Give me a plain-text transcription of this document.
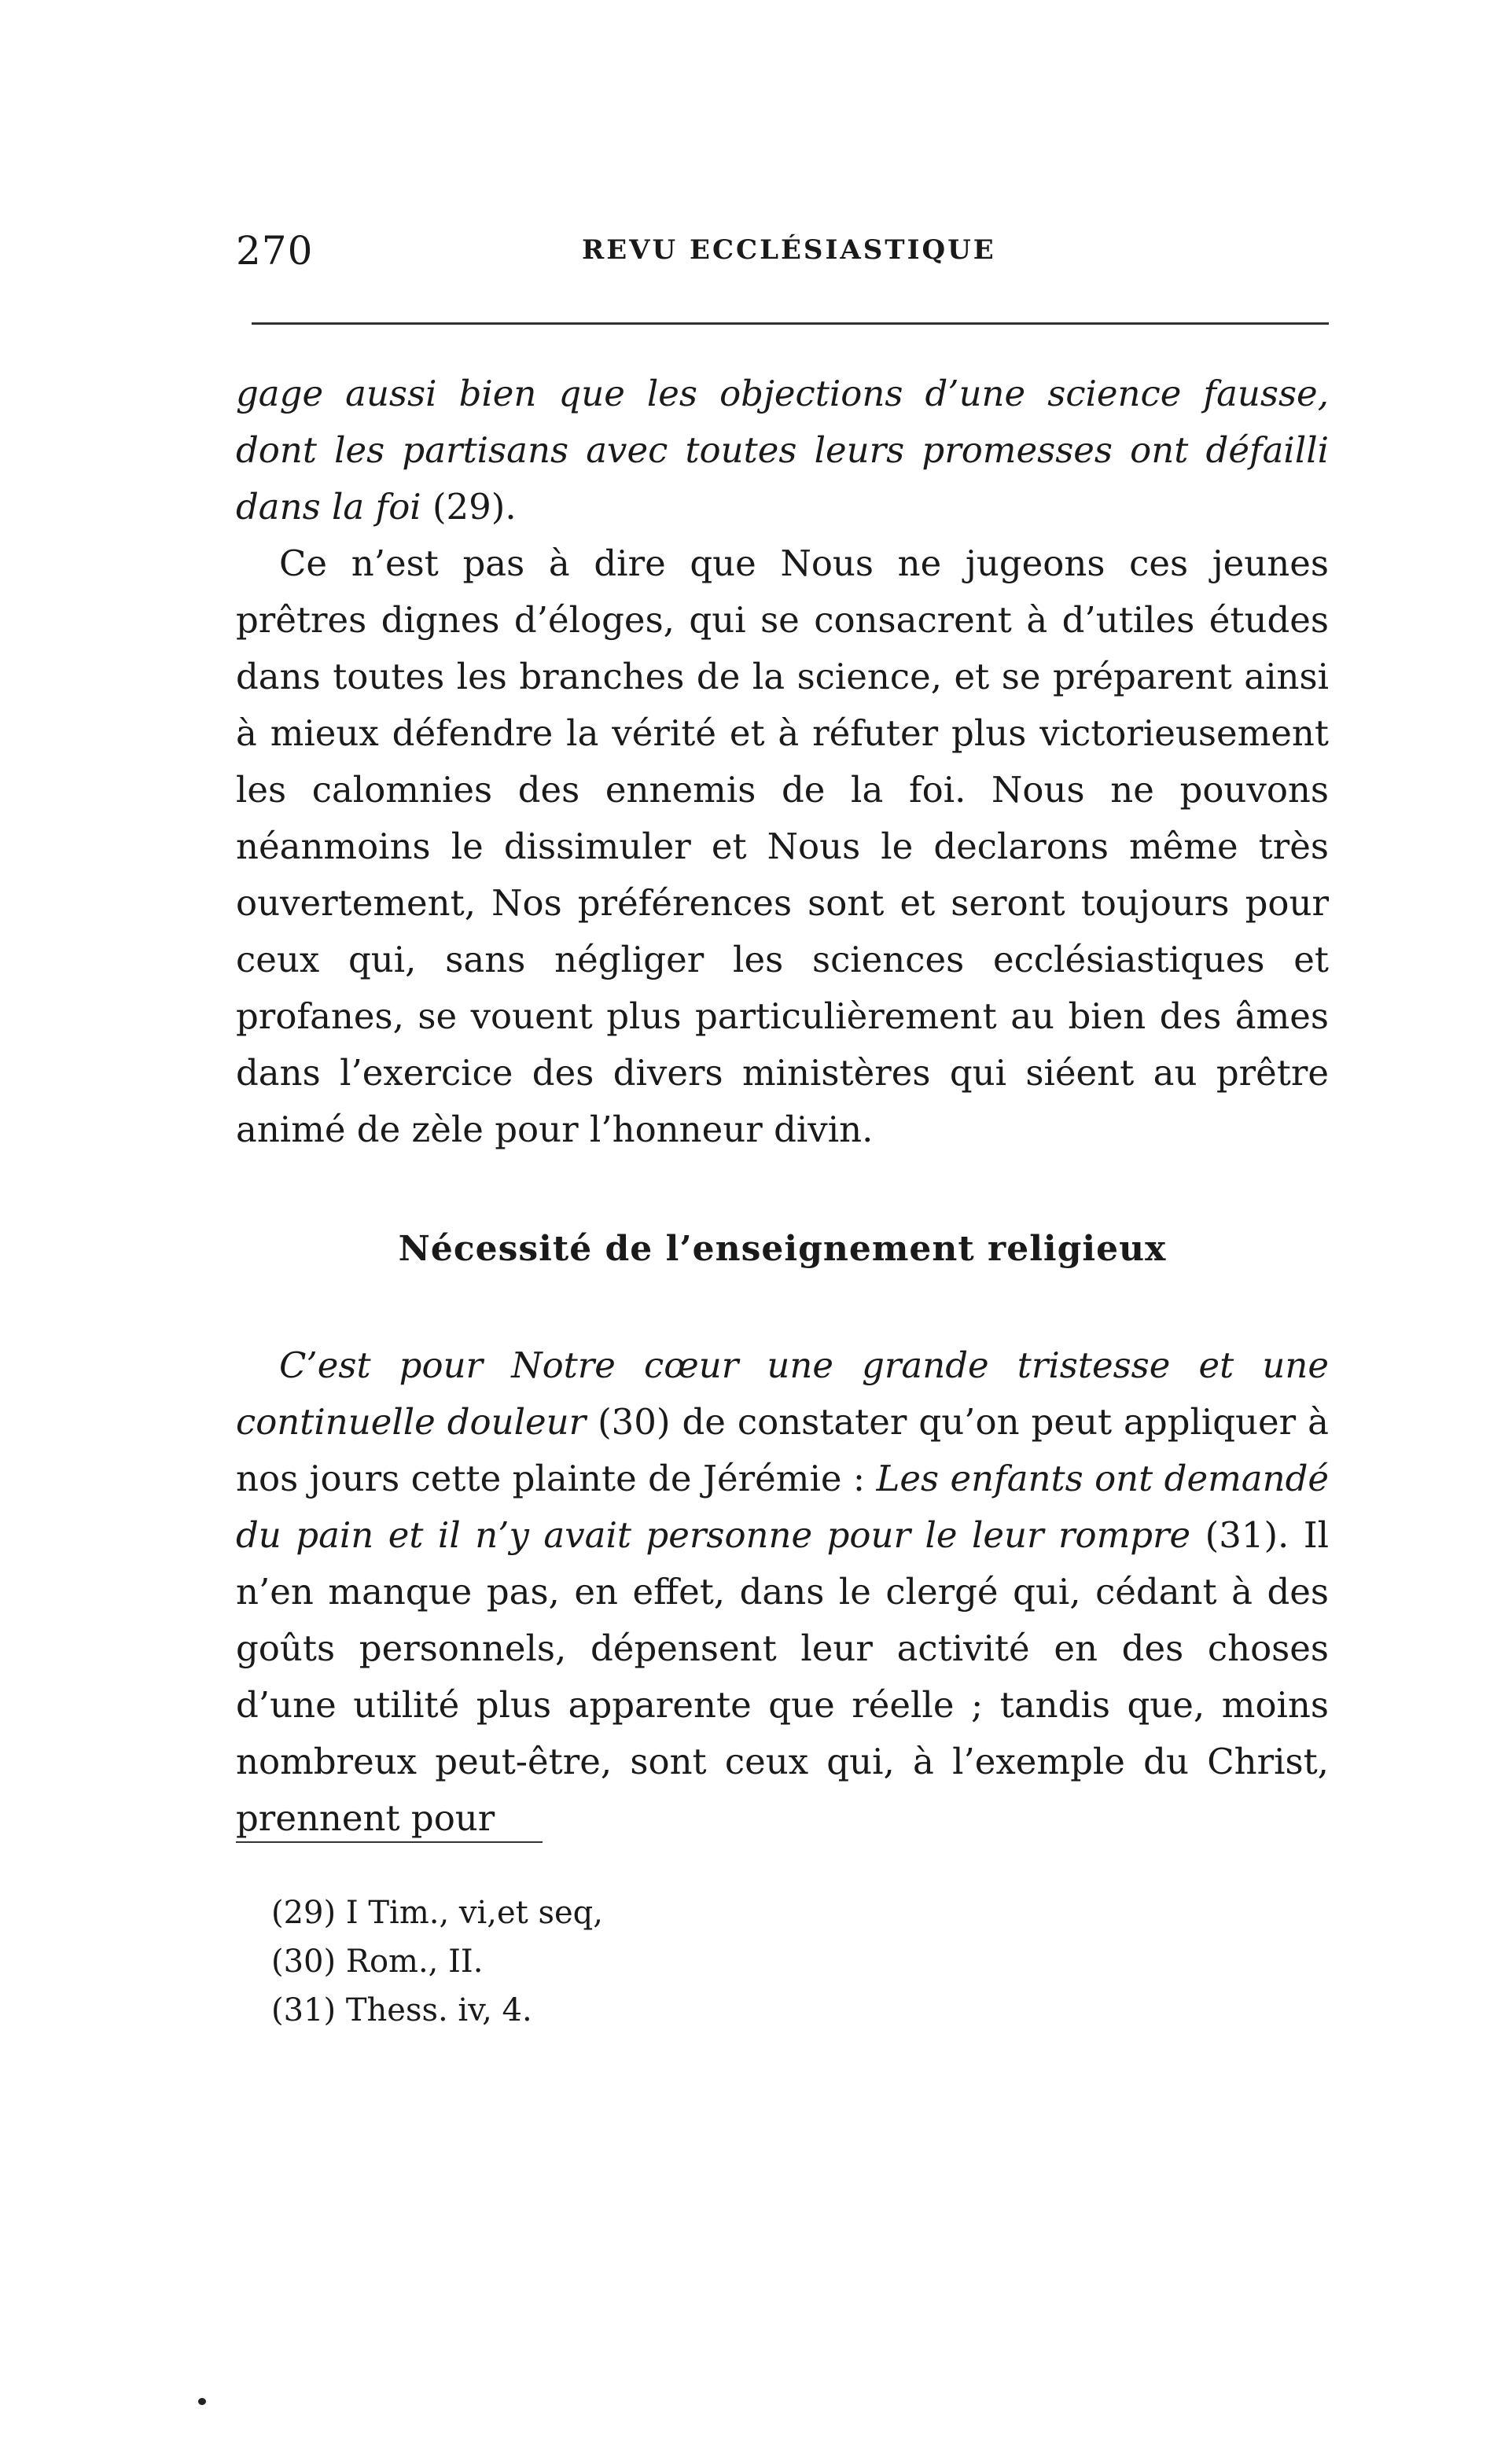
270	REVU ECCLÉSIASTIQUE

gage aussi bien que les objections d’une science fausse, dont les partisans avec toutes leurs promesses ont défailli dans la foi (29).

Ce n’est pas à dire que Nous ne jugeons ces jeunes prêtres dignes d’éloges, qui se consacrent à d’utiles études dans toutes les branches de la science, et se préparent ainsi à mieux défendre la vérité et à réfuter plus victorieusement les calomnies des ennemis de la foi. Nous ne pouvons néanmoins le dissimuler et Nous le declarons même très ouvertement, Nos préférences sont et seront toujours pour ceux qui, sans négliger les sciences ecclésiastiques et profanes, se vouent plus particulièrement au bien des âmes dans l’exercice des divers ministères qui siéent au prêtre animé de zèle pour l’honneur divin.

Nécessité de l’enseignement religieux

C’est pour Notre cœur une grande tristesse et une continuelle douleur (30) de constater qu’on peut appliquer à nos jours cette plainte de Jérémie : Les enfants ont demandé du pain et il n’y avait personne pour le leur rompre (31). Il n’en manque pas, en effet, dans le clergé qui, cédant à des goûts personnels, dépensent leur activité en des choses d’une utilité plus apparente que réelle ; tandis que, moins nombreux peut-être, sont ceux qui, à l’exemple du Christ, prennent pour

(29) I Tim., vi,et seq,
(30) Rom., II.
(31) Thess. iv, 4.
